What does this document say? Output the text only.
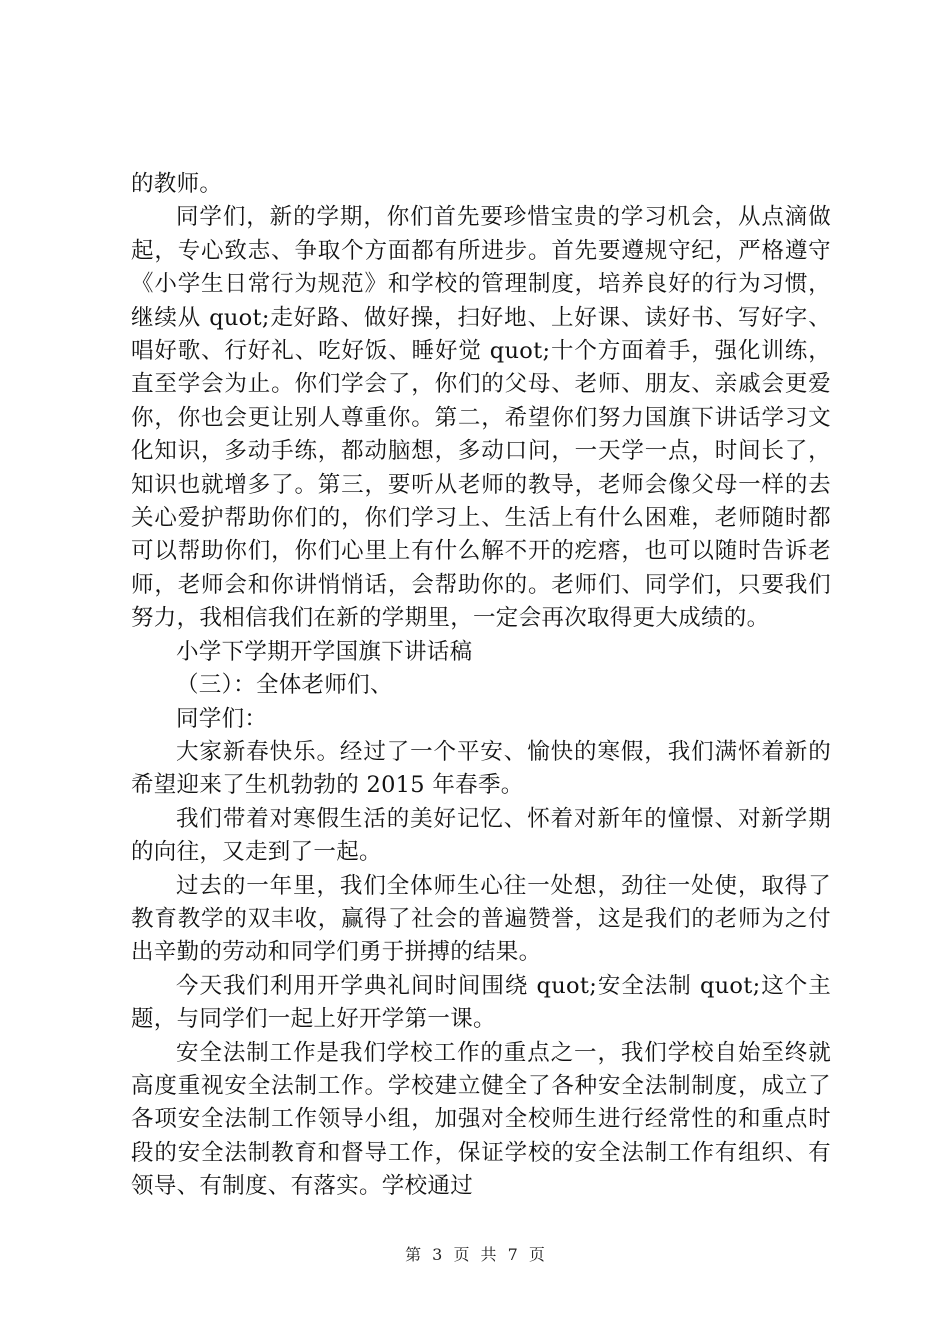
的教师。

同学们，新的学期，你们首先要珍惜宝贵的学习机会，从点滴做起，专心致志、争取个方面都有所进步。首先要遵规守纪，严格遵守《小学生日常行为规范》和学校的管理制度，培养良好的行为习惯，继续从 quot;走好路、做好操，扫好地、上好课、读好书、写好字、唱好歌、行好礼、吃好饭、睡好觉 quot;十个方面着手，强化训练，直至学会为止。你们学会了，你们的父母、老师、朋友、亲戚会更爱你，你也会更让别人尊重你。第二，希望你们努力国旗下讲话学习文化知识，多动手练，都动脑想，多动口问，一天学一点，时间长了，知识也就增多了。第三，要听从老师的教导，老师会像父母一样的去关心爱护帮助你们的，你们学习上、生活上有什么困难，老师随时都可以帮助你们，你们心里上有什么解不开的疙瘩，也可以随时告诉老师，老师会和你讲悄悄话，会帮助你的。老师们、同学们，只要我们努力，我相信我们在新的学期里，一定会再次取得更大成绩的。

小学下学期开学国旗下讲话稿

（三）：全体老师们、

同学们：

大家新春快乐。经过了一个平安、愉快的寒假，我们满怀着新的希望迎来了生机勃勃的 2015 年春季。

我们带着对寒假生活的美好记忆、怀着对新年的憧憬、对新学期的向往，又走到了一起。

过去的一年里，我们全体师生心往一处想，劲往一处使，取得了教育教学的双丰收，赢得了社会的普遍赞誉，这是我们的老师为之付出辛勤的劳动和同学们勇于拼搏的结果。

今天我们利用开学典礼间时间围绕 quot;安全法制 quot;这个主题，与同学们一起上好开学第一课。

安全法制工作是我们学校工作的重点之一，我们学校自始至终就高度重视安全法制工作。学校建立健全了各种安全法制制度，成立了各项安全法制工作领导小组，加强对全校师生进行经常性的和重点时段的安全法制教育和督导工作，保证学校的安全法制工作有组织、有领导、有制度、有落实。学校通过

第 3 页 共 7 页
